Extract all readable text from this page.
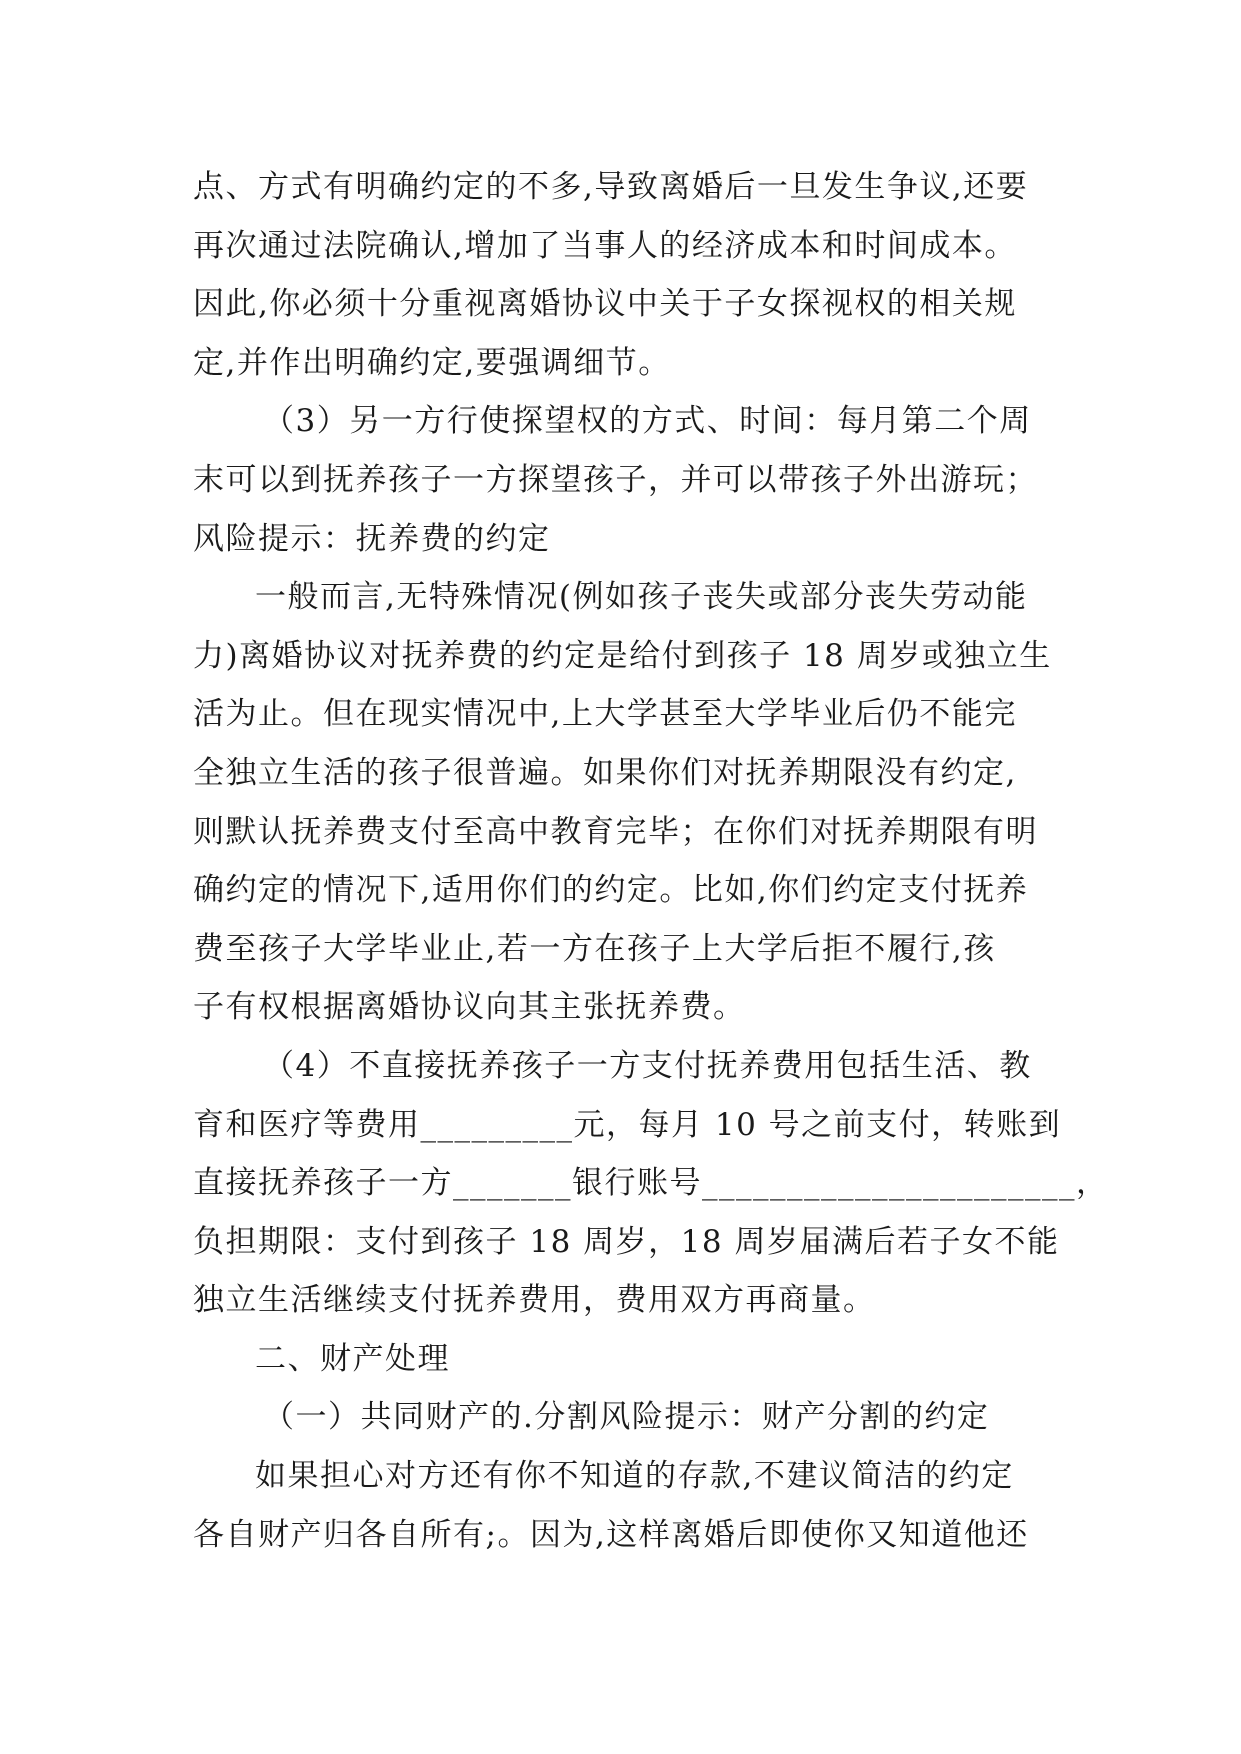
点、方式有明确约定的不多,导致离婚后一旦发生争议,还要
再次通过法院确认,增加了当事人的经济成本和时间成本。
因此,你必须十分重视离婚协议中关于子女探视权的相关规
定,并作出明确约定,要强调细节。
（3）另一方行使探望权的方式、时间：每月第二个周
末可以到抚养孩子一方探望孩子，并可以带孩子外出游玩；
风险提示：抚养费的约定
一般而言,无特殊情况(例如孩子丧失或部分丧失劳动能
力)离婚协议对抚养费的约定是给付到孩子 18 周岁或独立生
活为止。但在现实情况中,上大学甚至大学毕业后仍不能完
全独立生活的孩子很普遍。如果你们对抚养期限没有约定,
则默认抚养费支付至高中教育完毕；在你们对抚养期限有明
确约定的情况下,适用你们的约定。比如,你们约定支付抚养
费至孩子大学毕业止,若一方在孩子上大学后拒不履行,孩
子有权根据离婚协议向其主张抚养费。
（4）不直接抚养孩子一方支付抚养费用包括生活、教
育和医疗等费用_________元，每月 10 号之前支付，转账到
直接抚养孩子一方_______银行账号______________________，
负担期限：支付到孩子 18 周岁，18 周岁届满后若子女不能
独立生活继续支付抚养费用，费用双方再商量。
二、财产处理
（一）共同财产的.分割风险提示：财产分割的约定
如果担心对方还有你不知道的存款,不建议简洁的约定
各自财产归各自所有;。因为,这样离婚后即使你又知道他还
